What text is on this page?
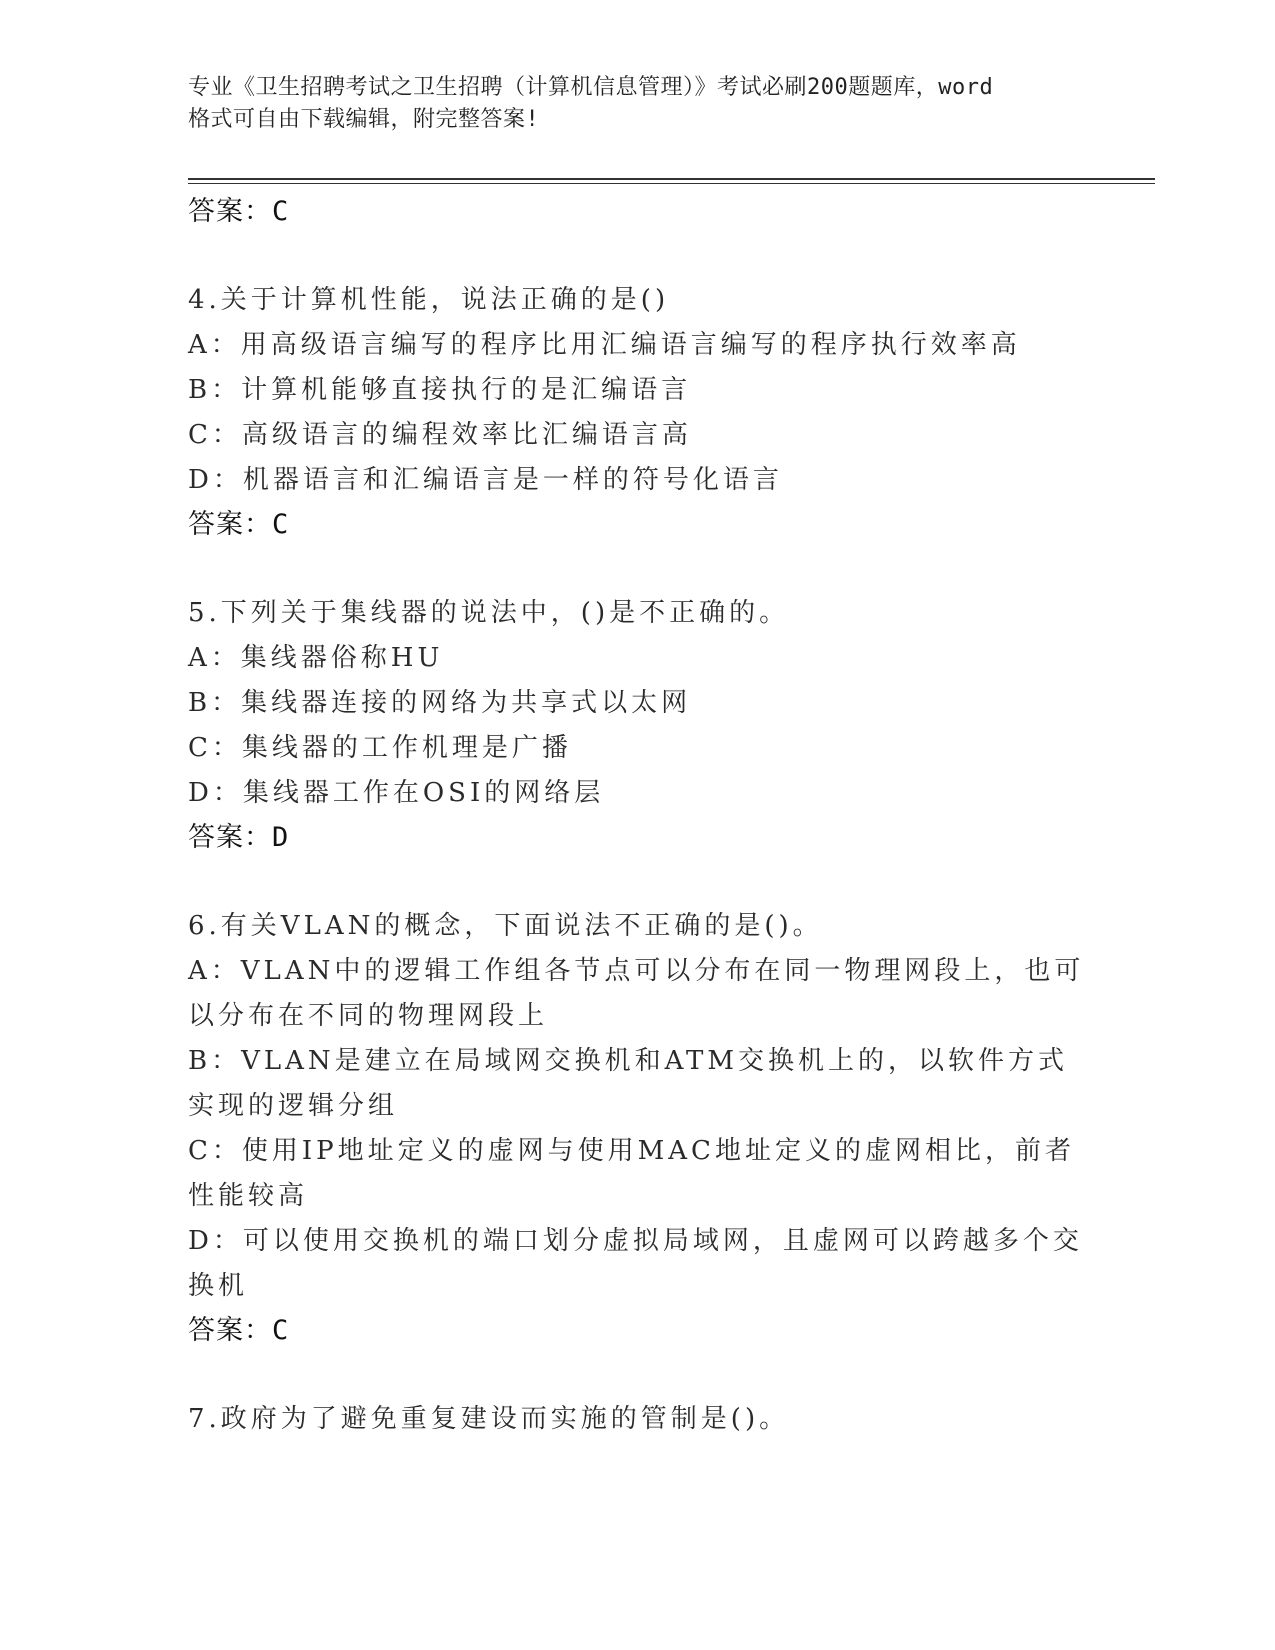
专业《卫生招聘考试之卫生招聘（计算机信息管理）》考试必刷200题题库，word
格式可自由下载编辑，附完整答案!

答案：C

4.关于计算机性能，说法正确的是()

A：用高级语言编写的程序比用汇编语言编写的程序执行效率高

B：计算机能够直接执行的是汇编语言

C：高级语言的编程效率比汇编语言高

D：机器语言和汇编语言是一样的符号化语言

答案：C

5.下列关于集线器的说法中，()是不正确的。

A：集线器俗称HU

B：集线器连接的网络为共享式以太网

C：集线器的工作机理是广播

D：集线器工作在OSI的网络层

答案：D

6.有关VLAN的概念，下面说法不正确的是()。

A：VLAN中的逻辑工作组各节点可以分布在同一物理网段上，也可以分布在不同的物理网段上

B：VLAN是建立在局域网交换机和ATM交换机上的，以软件方式实现的逻辑分组

C：使用IP地址定义的虚网与使用MAC地址定义的虚网相比，前者性能较高

D：可以使用交换机的端口划分虚拟局域网，且虚网可以跨越多个交换机

答案：C

7.政府为了避免重复建设而实施的管制是()。
